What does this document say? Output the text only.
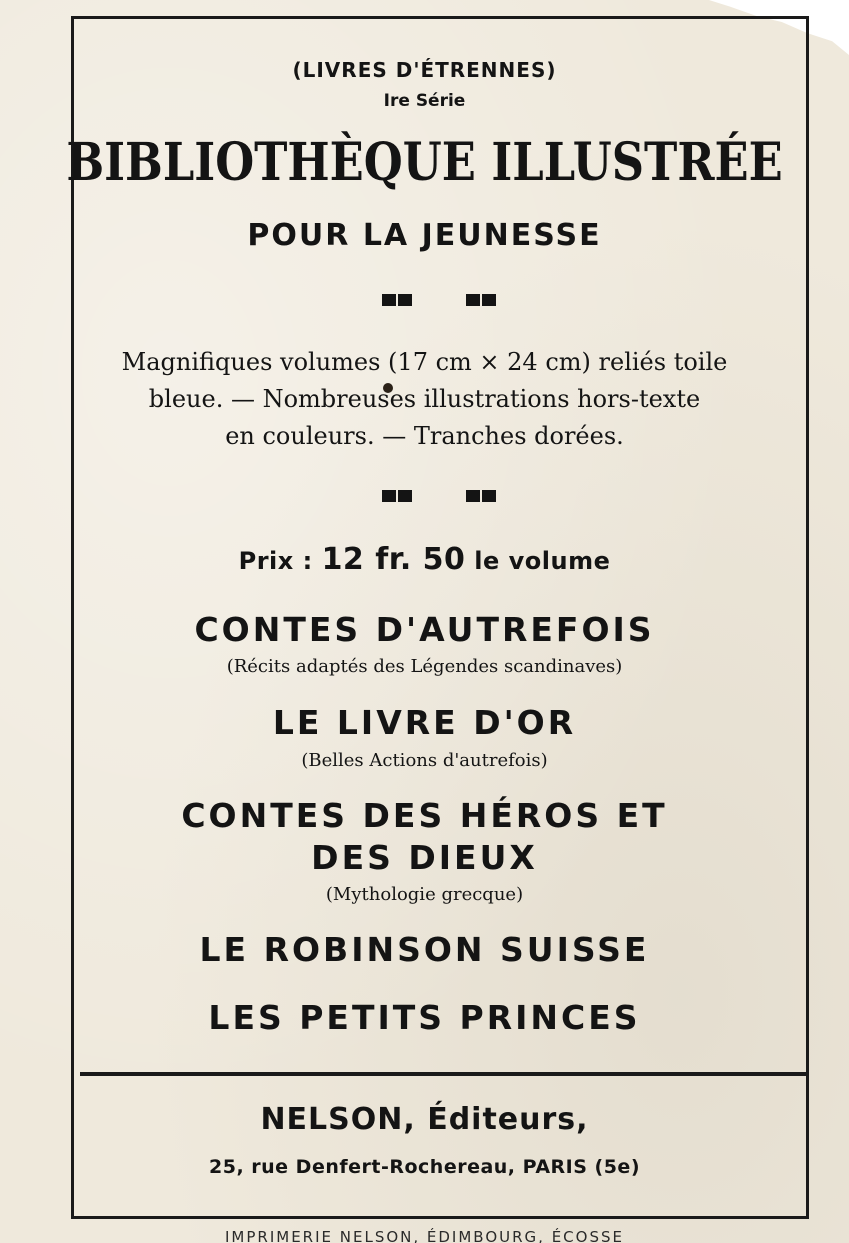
(LIVRES D'ÉTRENNES)
Ire Série
BIBLIOTHÈQUE ILLUSTRÉE
POUR LA JEUNESSE
Magnifiques volumes (17 cm × 24 cm) reliés toile
bleue. — Nombreuses illustrations hors-texte
en couleurs. — Tranches dorées.
Prix : 12 fr. 50 le volume
CONTES D'AUTREFOIS
(Récits adaptés des Légendes scandinaves)
LE LIVRE D'OR
(Belles Actions d'autrefois)
CONTES DES HÉROS ET
DES DIEUX
(Mythologie grecque)
LE ROBINSON SUISSE
LES PETITS PRINCES
NELSON, Éditeurs,
25, rue Denfert-Rochereau, PARIS (5e)
IMPRIMERIE NELSON, ÉDIMBOURG, ÉCOSSE
